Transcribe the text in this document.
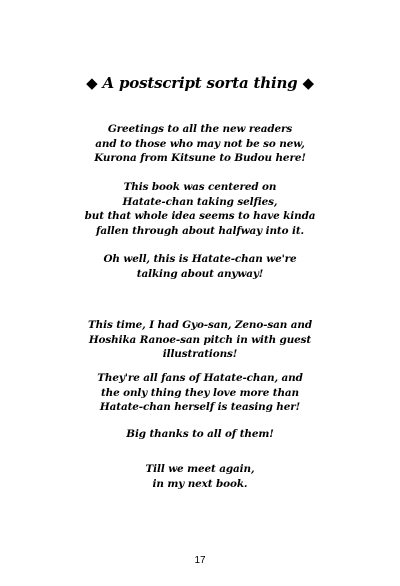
◆ A postscript sorta thing ◆
Greetings to all the new readers
and to those who may not be so new,
Kurona from Kitsune to Budou here!
This book was centered on
Hatate-chan taking selfies,
but that whole idea seems to have kinda
fallen through about halfway into it.
Oh well, this is Hatate-chan we're
talking about anyway!
This time, I had Gyo-san, Zeno-san and
Hoshika Ranoe-san pitch in with guest
illustrations!
They're all fans of Hatate-chan, and
the only thing they love more than
Hatate-chan herself is teasing her!
Big thanks to all of them!
Till we meet again,
in my next book.
17
